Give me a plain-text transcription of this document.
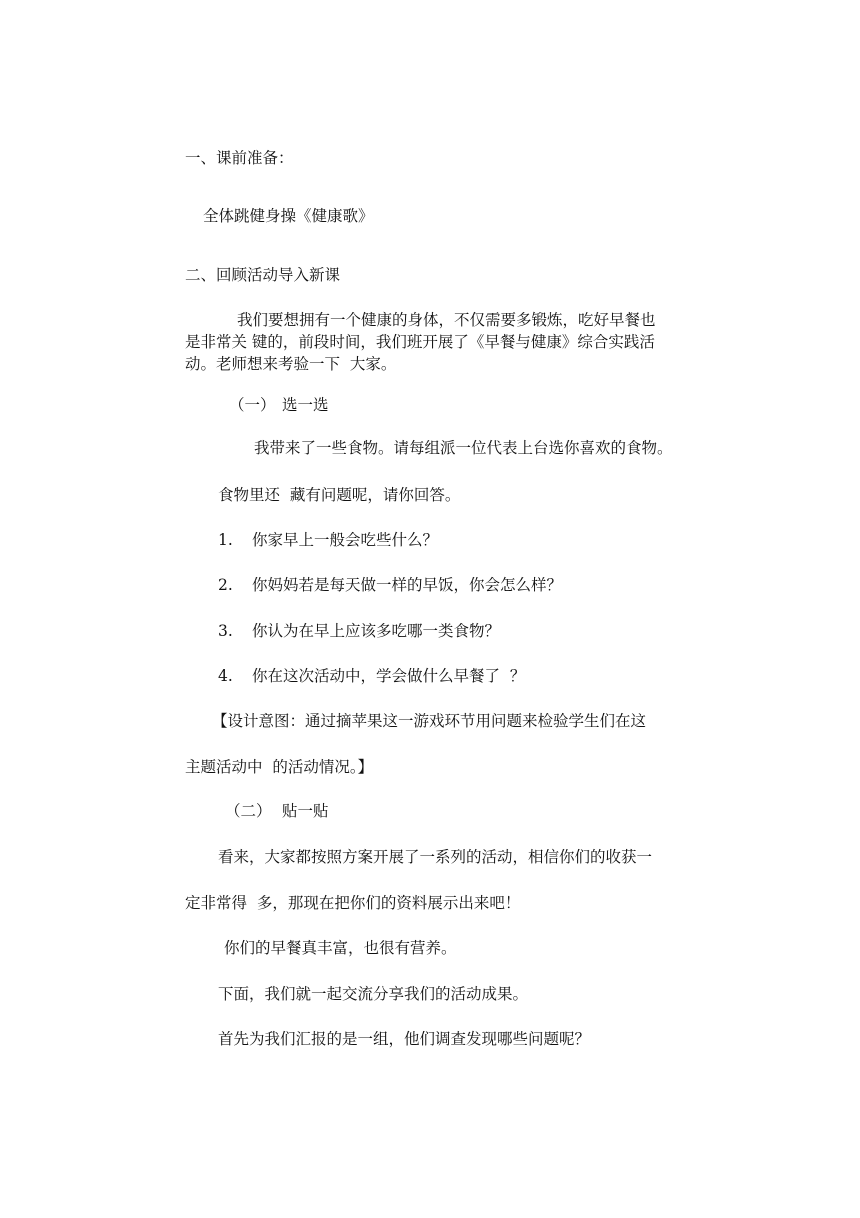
一、课前准备：

全体跳健身操《健康歌》

二、回顾活动导入新课

我们要想拥有一个健康的身体，不仅需要多锻炼，吃好早餐也

是非常关 键的，前段时间，我们班开展了《早餐与健康》综合实践活

动。老师想来考验一下  大家。

（一） 选一选

我带来了一些食物。请每组派一位代表上台选你喜欢的食物。

食物里还  藏有问题呢，请你回答。

1. 你家早上一般会吃些什么？
2. 你妈妈若是每天做一样的早饭，你会怎么样？
3. 你认为在早上应该多吃哪一类食物？
4. 你在这次活动中，学会做什么早餐了  ？

【设计意图：通过摘苹果这一游戏环节用问题来检验学生们在这

主题活动中  的活动情况。】

（二） 贴一贴

看来，大家都按照方案开展了一系列的活动，相信你们的收获一

定非常得  多，那现在把你们的资料展示出来吧！

你们的早餐真丰富，也很有营养。

下面，我们就一起交流分享我们的活动成果。

首先为我们汇报的是一组，他们调查发现哪些问题呢？
